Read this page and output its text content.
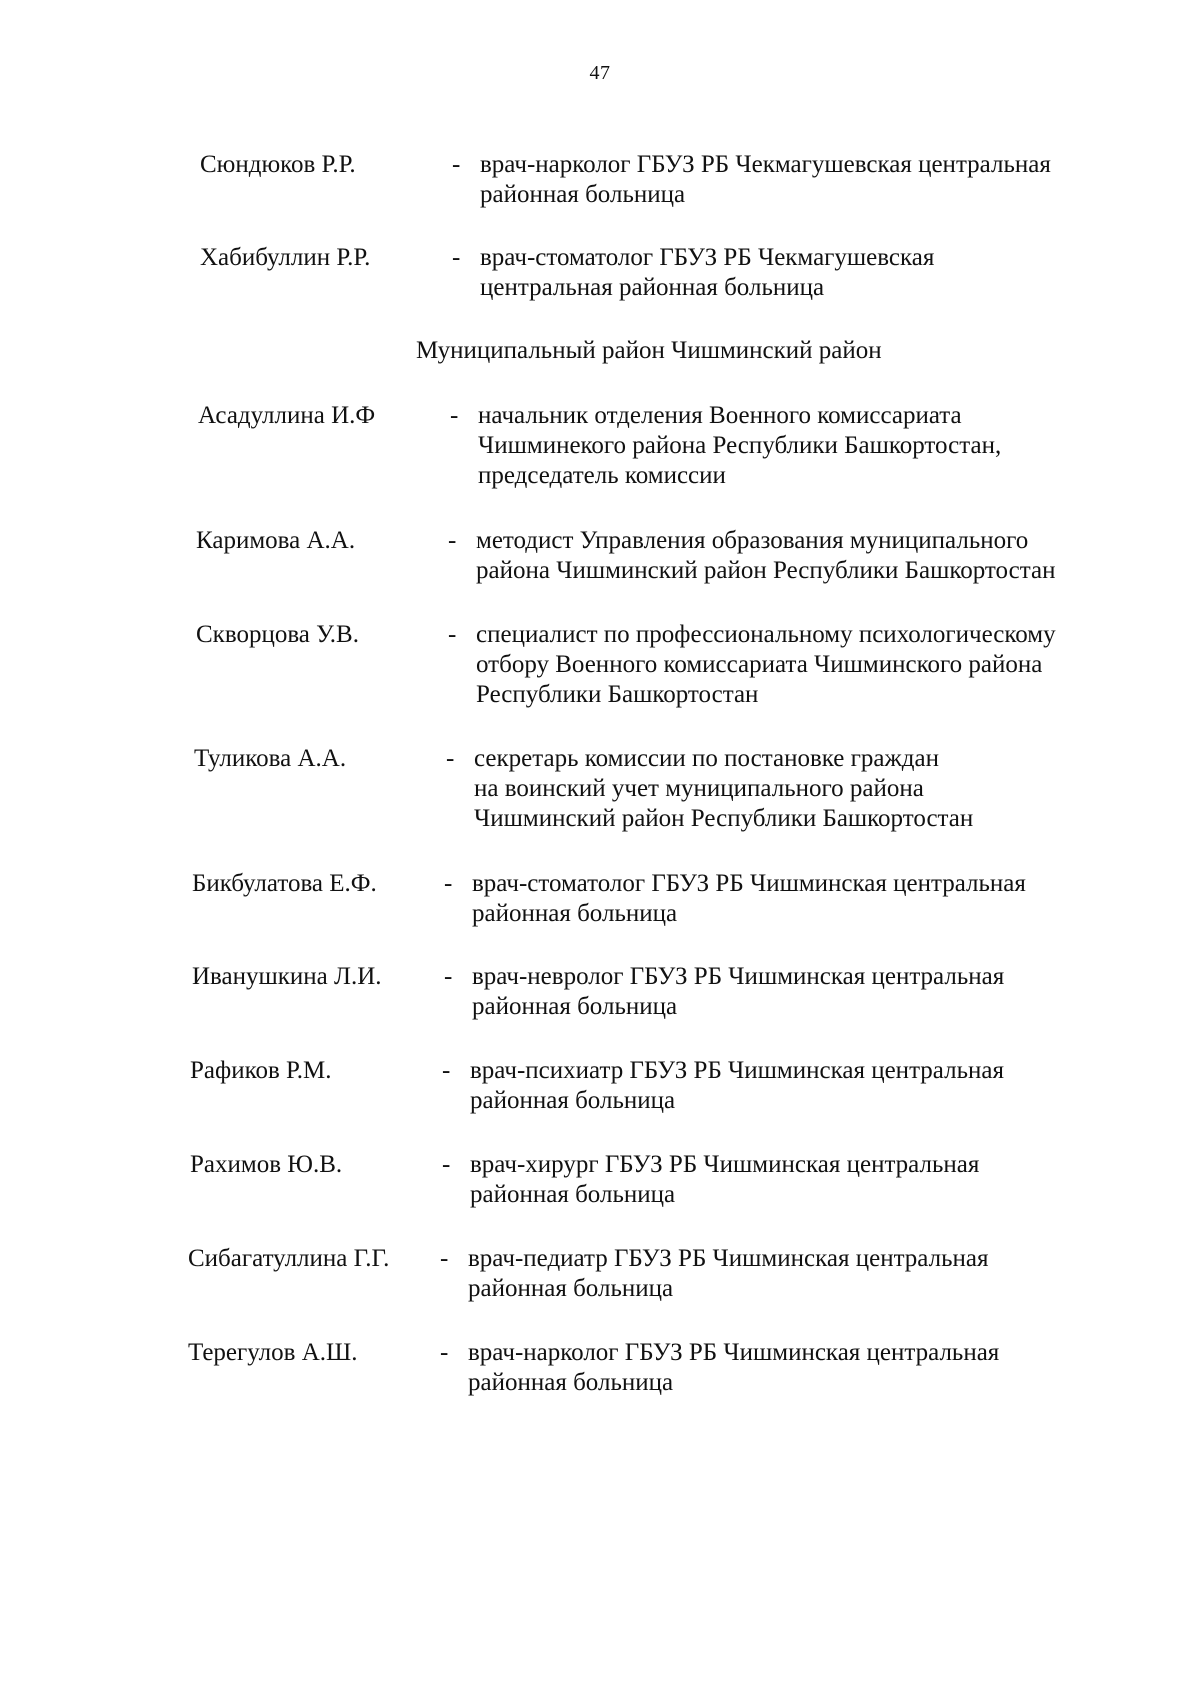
47
Сюндюков Р.Р.	- врач-нарколог ГБУЗ РБ Чекмагушевская центральная
районная больница
Хабибуллин Р.Р.	- врач-стоматолог ГБУЗ РБ Чекмагушевская
центральная районная больница
Муниципальный район Чишминский район
Асадуллина И.Ф	- начальник отделения Военного комиссариата
Чишминекого района Республики Башкортостан,
председатель комиссии
Каримова А.А.	- методист Управления образования муниципального
района Чишминский район Республики Башкортостан
Скворцова У.В.	- специалист по профессиональному психологическому
отбору Военного комиссариата Чишминского района
Республики Башкортостан
Туликова А.А.	- секретарь комиссии по постановке граждан
на воинский учет муниципального района
Чишминский район Республики Башкортостан
Бикбулатова Е.Ф.	- врач-стоматолог ГБУЗ РБ Чишминская центральная
районная больница
Иванушкина Л.И. - врач-невролог ГБУЗ РБ Чишминская центральная
районная больница
Рафиков Р.М.	- врач-психиатр ГБУЗ РБ Чишминская центральная
районная больница
Рахимов Ю.В.	- врач-хирург ГБУЗ РБ Чишминская центральная
районная больница
Сибагатуллина Г.Г. - врач-педиатр ГБУЗ РБ Чишминская центральная
районная больница
Терегулов А.Ш.	- врач-нарколог ГБУЗ РБ Чишминская центральная
районная больница
